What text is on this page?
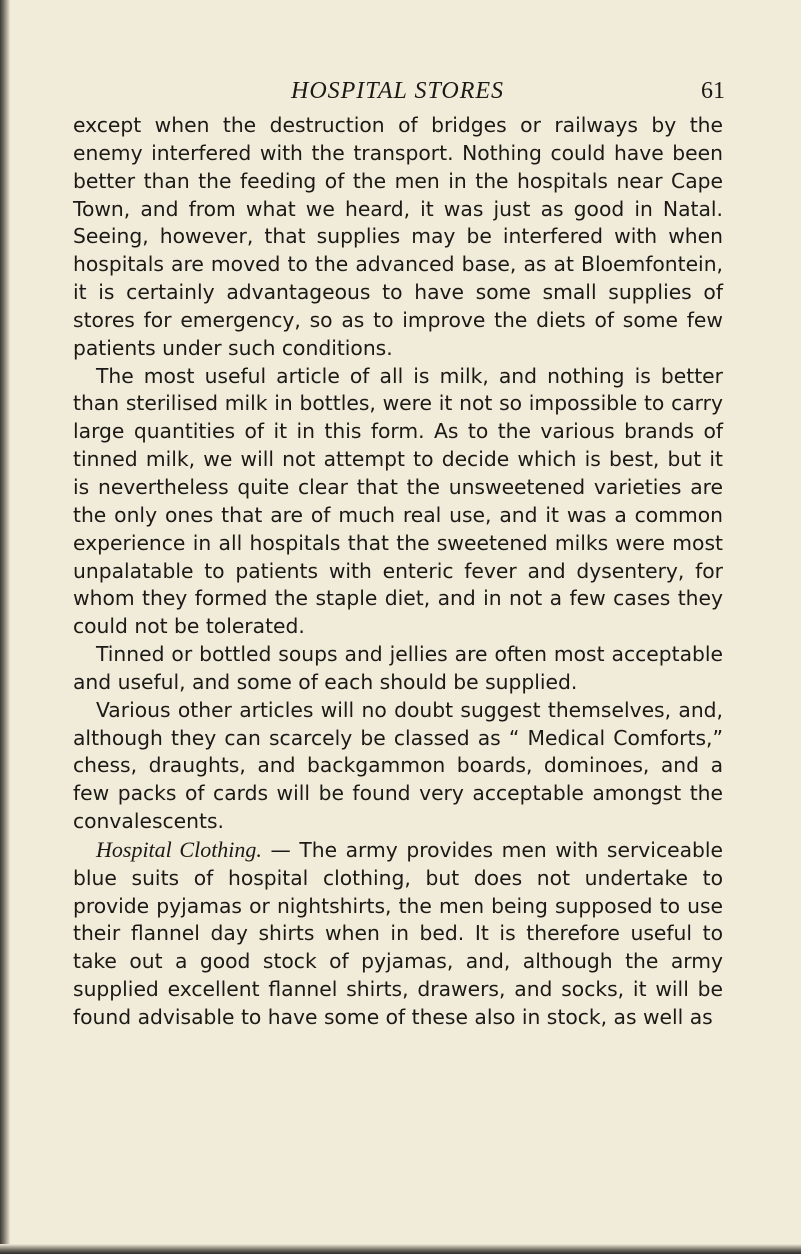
HOSPITAL STORES	61

except when the destruction of bridges or railways by the enemy interfered with the transport. Nothing could have been better than the feeding of the men in the hospitals near Cape Town, and from what we heard, it was just as good in Natal. Seeing, however, that supplies may be interfered with when hospitals are moved to the advanced base, as at Bloemfontein, it is certainly advantageous to have some small supplies of stores for emergency, so as to improve the diets of some few patients under such conditions.

The most useful article of all is milk, and nothing is better than sterilised milk in bottles, were it not so impossible to carry large quantities of it in this form. As to the various brands of tinned milk, we will not attempt to decide which is best, but it is nevertheless quite clear that the unsweetened varieties are the only ones that are of much real use, and it was a common experience in all hospitals that the sweetened milks were most unpalatable to patients with enteric fever and dysentery, for whom they formed the staple diet, and in not a few cases they could not be tolerated.

Tinned or bottled soups and jellies are often most acceptable and useful, and some of each should be supplied.

Various other articles will no doubt suggest themselves, and, although they can scarcely be classed as “ Medical Comforts,” chess, draughts, and backgammon boards, dominoes, and a few packs of cards will be found very acceptable amongst the convalescents.

Hospital Clothing. — The army provides men with serviceable blue suits of hospital clothing, but does not undertake to provide pyjamas or nightshirts, the men being supposed to use their flannel day shirts when in bed. It is therefore useful to take out a good stock of pyjamas, and, although the army supplied excellent flannel shirts, drawers, and socks, it will be found advisable to have some of these also in stock, as well as
